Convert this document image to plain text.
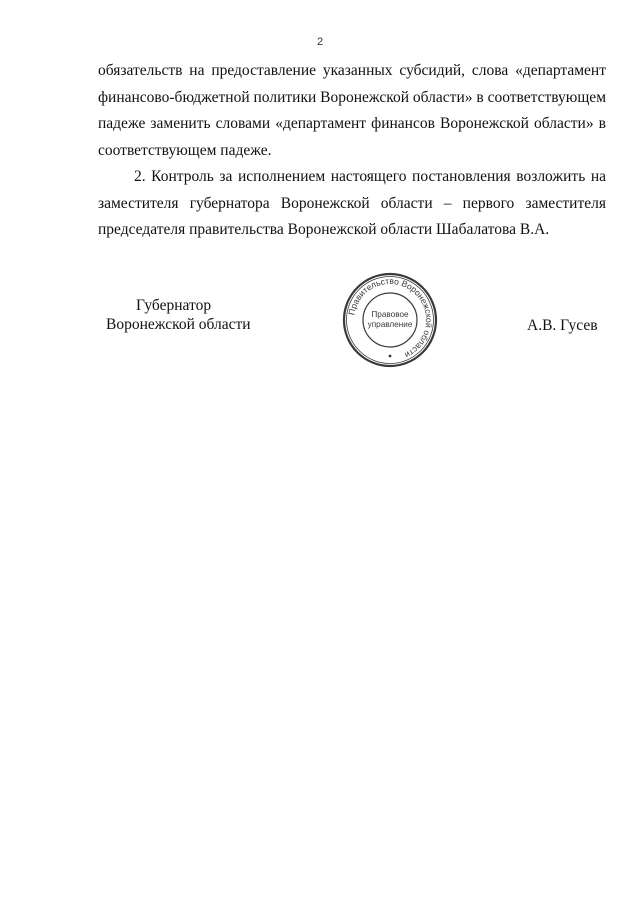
2

обязательств на предоставление указанных субсидий, слова «департамент финансово-бюджетной политики Воронежской области» в соответствующем падеже заменить словами «департамент финансов Воронежской области» в соответствующем падеже.

2. Контроль за исполнением настоящего постановления возложить на заместителя губернатора Воронежской области – первого заместителя председателя правительства Воронежской области Шабалатова В.А.

Губернатор
Воронежской области
Правительство Воронежской области
Правовое
управление	А.В. Гусев
